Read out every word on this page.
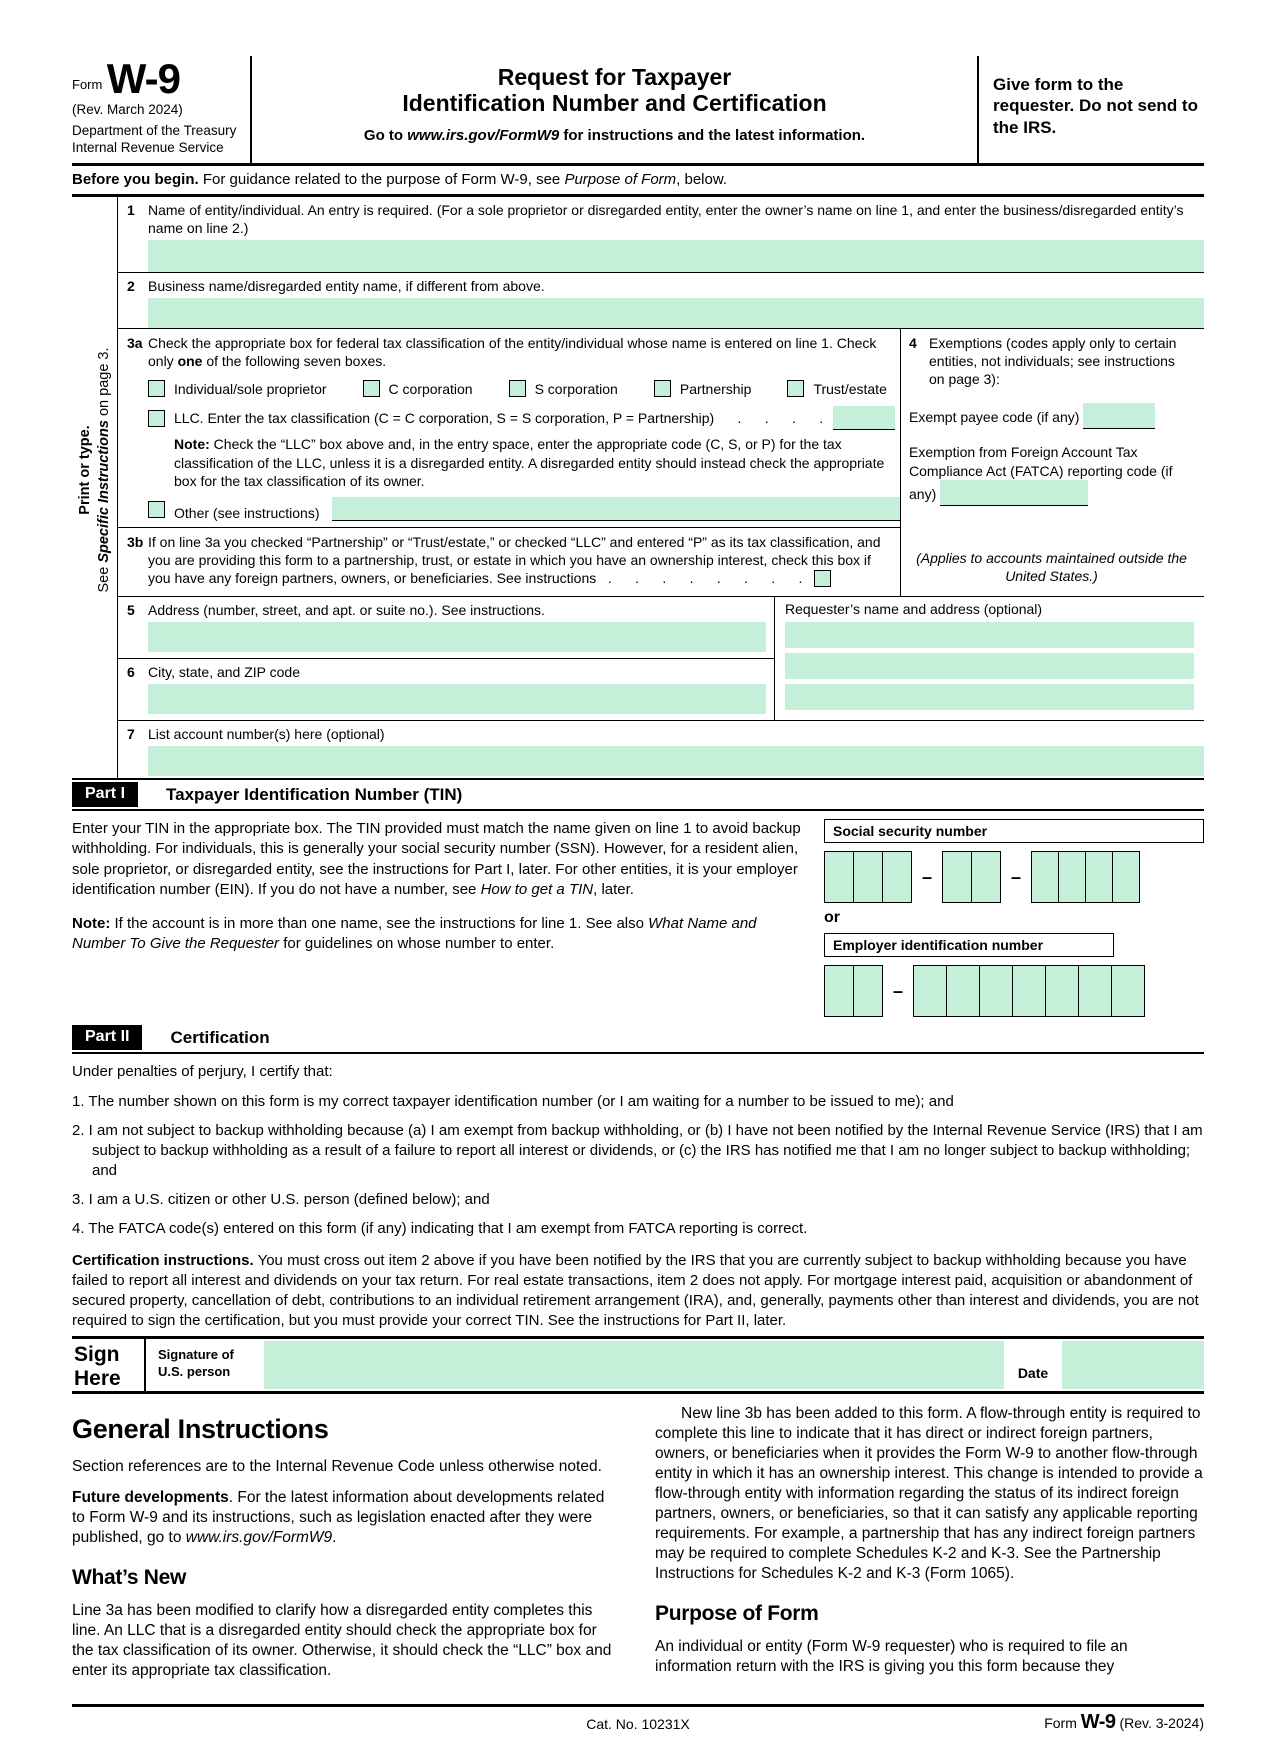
Form W-9
(Rev. March 2024)
Department of the Treasury
Internal Revenue Service
Request for Taxpayer
Identification Number and Certification
Go to www.irs.gov/FormW9 for instructions and the latest information.
Give form to the requester. Do not send to the IRS.
Before you begin. For guidance related to the purpose of Form W-9, see Purpose of Form, below.
Print or type.
See Specific Instructions on page 3.
1 Name of entity/individual. An entry is required. (For a sole proprietor or disregarded entity, enter the owner’s name on line 1, and enter the business/disregarded entity’s name on line 2.)
2 Business name/disregarded entity name, if different from above.
3a Check the appropriate box for federal tax classification of the entity/individual whose name is entered on line 1. Check only one of the following seven boxes.
Individual/sole proprietor	C corporation	S corporation	Partnership	Trust/estate
LLC. Enter the tax classification (C = C corporation, S = S corporation, P = Partnership) .      .      .      .
Note: Check the “LLC” box above and, in the entry space, enter the appropriate code (C, S, or P) for the tax classification of the LLC, unless it is a disregarded entity. A disregarded entity should instead check the appropriate box for the tax classification of its owner.
Other (see instructions)
3b If on line 3a you checked “Partnership” or “Trust/estate,” or checked “LLC” and entered “P” as its tax classification, and you are providing this form to a partnership, trust, or estate in which you have an ownership interest, check this box if you have any foreign partners, owners, or beneficiaries. See instructions   .      .      .      .      .      .      .      .
4 Exemptions (codes apply only to certain entities, not individuals; see instructions on page 3):
Exempt payee code (if any)
Exemption from Foreign Account Tax Compliance Act (FATCA) reporting code (if any)
(Applies to accounts maintained outside the United States.)
5 Address (number, street, and apt. or suite no.). See instructions.
6 City, state, and ZIP code
Requester’s name and address (optional)
7 List account number(s) here (optional)
Part I	Taxpayer Identification Number (TIN)

Enter your TIN in the appropriate box. The TIN provided must match the name given on line 1 to avoid backup withholding. For individuals, this is generally your social security number (SSN). However, for a resident alien, sole proprietor, or disregarded entity, see the instructions for Part I, later. For other entities, it is your employer identification number (EIN). If you do not have a number, see How to get a TIN, later.

Note: If the account is in more than one name, see the instructions for line 1. See also What Name and Number To Give the Requester for guidelines on whose number to enter.

Social security number
–	–
or
Employer identification number
–
Part II	Certification
Under penalties of perjury, I certify that:
1. The number shown on this form is my correct taxpayer identification number (or I am waiting for a number to be issued to me); and
2. I am not subject to backup withholding because (a) I am exempt from backup withholding, or (b) I have not been notified by the Internal Revenue Service (IRS) that I am subject to backup withholding as a result of a failure to report all interest or dividends, or (c) the IRS has notified me that I am no longer subject to backup withholding; and
3. I am a U.S. citizen or other U.S. person (defined below); and
4. The FATCA code(s) entered on this form (if any) indicating that I am exempt from FATCA reporting is correct.
Certification instructions. You must cross out item 2 above if you have been notified by the IRS that you are currently subject to backup withholding because you have failed to report all interest and dividends on your tax return. For real estate transactions, item 2 does not apply. For mortgage interest paid, acquisition or abandonment of secured property, cancellation of debt, contributions to an individual retirement arrangement (IRA), and, generally, payments other than interest and dividends, you are not required to sign the certification, but you must provide your correct TIN. See the instructions for Part II, later.
Sign
Here
Signature of
U.S. person	Date
General Instructions

Section references are to the Internal Revenue Code unless otherwise noted.

Future developments. For the latest information about developments related to Form W-9 and its instructions, such as legislation enacted after they were published, go to www.irs.gov/FormW9.

What’s New

Line 3a has been modified to clarify how a disregarded entity completes this line. An LLC that is a disregarded entity should check the appropriate box for the tax classification of its owner. Otherwise, it should check the “LLC” box and enter its appropriate tax classification.

New line 3b has been added to this form. A flow-through entity is required to complete this line to indicate that it has direct or indirect foreign partners, owners, or beneficiaries when it provides the Form W-9 to another flow-through entity in which it has an ownership interest. This change is intended to provide a flow-through entity with information regarding the status of its indirect foreign partners, owners, or beneficiaries, so that it can satisfy any applicable reporting requirements. For example, a partnership that has any indirect foreign partners may be required to complete Schedules K-2 and K-3. See the Partnership Instructions for Schedules K-2 and K-3 (Form 1065).

Purpose of Form

An individual or entity (Form W-9 requester) who is required to file an information return with the IRS is giving you this form because they

Cat. No. 10231X	Form W-9 (Rev. 3-2024)
